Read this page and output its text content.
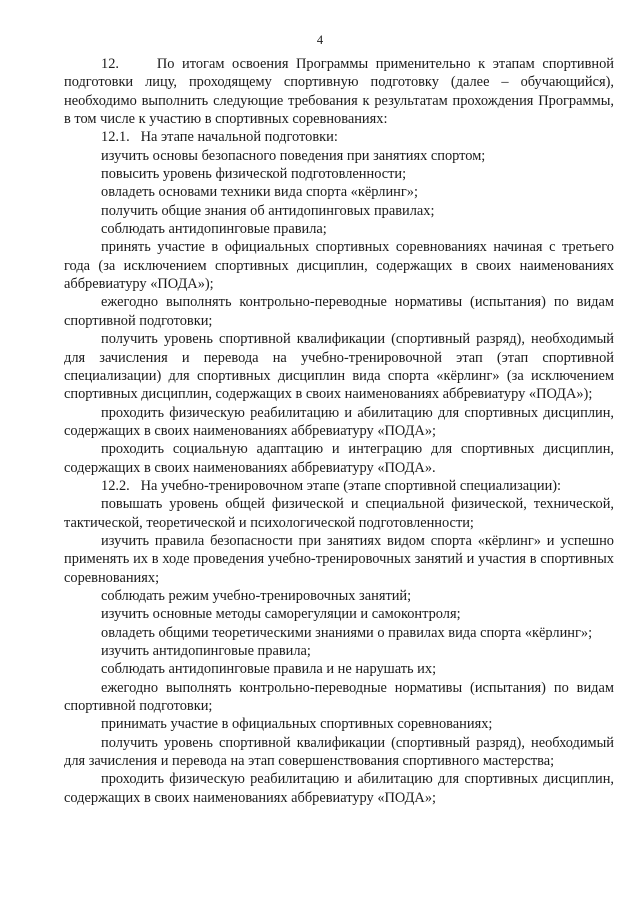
4

12.     По итогам освоения Программы применительно к этапам спортивной подготовки лицу, проходящему спортивную подготовку (далее – обучающийся), необходимо выполнить следующие требования к результатам прохождения Программы, в том числе к участию в спортивных соревнованиях:

12.1.   На этапе начальной подготовки:

изучить основы безопасного поведения при занятиях спортом;

повысить уровень физической подготовленности;

овладеть основами техники вида спорта «кёрлинг»;

получить общие знания об антидопинговых правилах;

соблюдать антидопинговые правила;

принять участие в официальных спортивных соревнованиях начиная с третьего года (за исключением спортивных дисциплин, содержащих в своих наименованиях аббревиатуру «ПОДА»);

ежегодно выполнять контрольно-переводные нормативы (испытания) по видам спортивной подготовки;

получить уровень спортивной квалификации (спортивный разряд), необходимый для зачисления и перевода на учебно-тренировочной этап (этап спортивной специализации) для спортивных дисциплин вида спорта «кёрлинг» (за исключением спортивных дисциплин, содержащих в своих наименованиях аббревиатуру «ПОДА»);

проходить физическую реабилитацию и абилитацию для спортивных дисциплин, содержащих в своих наименованиях аббревиатуру «ПОДА»;

проходить социальную адаптацию и интеграцию для спортивных дисциплин, содержащих в своих наименованиях аббревиатуру «ПОДА».

12.2.   На учебно-тренировочном этапе (этапе спортивной специализации):

повышать уровень общей физической и специальной физической, технической, тактической, теоретической и психологической подготовленности;

изучить правила безопасности при занятиях видом спорта «кёрлинг» и успешно применять их в ходе проведения учебно-тренировочных занятий и участия в спортивных соревнованиях;

соблюдать режим учебно-тренировочных занятий;

изучить основные методы саморегуляции и самоконтроля;

овладеть общими теоретическими знаниями о правилах вида спорта «кёрлинг»;

изучить антидопинговые правила;

соблюдать антидопинговые правила и не нарушать их;

ежегодно выполнять контрольно-переводные нормативы (испытания) по видам спортивной подготовки;

принимать участие в официальных спортивных соревнованиях;

получить уровень спортивной квалификации (спортивный разряд), необходимый для зачисления и перевода на этап совершенствования спортивного мастерства;

проходить физическую реабилитацию и абилитацию для спортивных дисциплин, содержащих в своих наименованиях аббревиатуру «ПОДА»;
